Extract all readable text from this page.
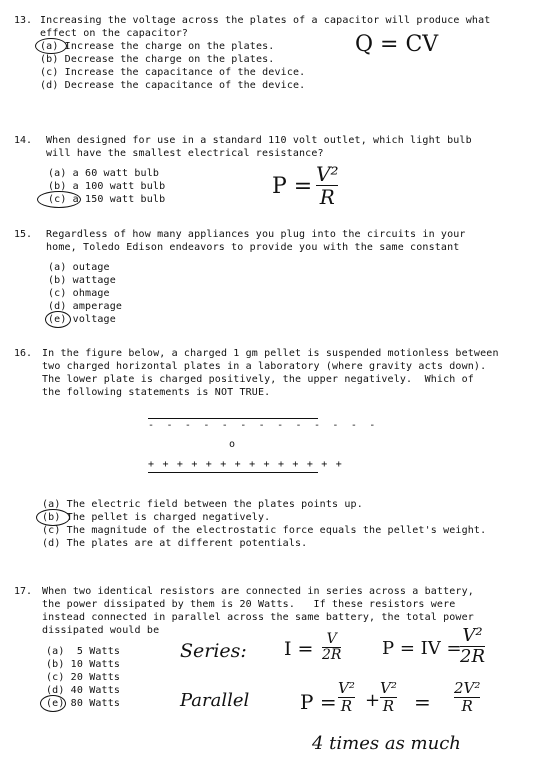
13. Increasing the voltage across the plates of a capacitor will produce what
effect on the capacitor?
(a) Increase the charge on the plates.
(b) Decrease the charge on the plates.
(c) Increase the capacitance of the device.
(d) Decrease the capacitance of the device.
Q = CV
14. When designed for use in a standard 110 volt outlet, which light bulb
will have the smallest electrical resistance?
(a) a 60 watt bulb
(b) a 100 watt bulb
(c) a 150 watt bulb
P = V²
R
15. Regardless of how many appliances you plug into the circuits in your
home, Toledo Edison endeavors to provide you with the same constant
(a) outage
(b) wattage
(c) ohmage
(d) amperage
(e) voltage
16. In the figure below, a charged 1 gm pellet is suspended motionless between
two charged horizontal plates in a laboratory (where gravity acts down).
The lower plate is charged positively, the upper negatively.  Which of
the following statements is NOT TRUE.
- - - - - - - - - - - - -
o
+ + + + + + + + + + + + + +
(a) The electric field between the plates points up.
(b) The pellet is charged negatively.
(c) The magnitude of the electrostatic force equals the pellet's weight.
(d) The plates are at different potentials.
17. When two identical resistors are connected in series across a battery,
the power dissipated by them is 20 Watts.   If these resistors were
instead connected in parallel across the same battery, the total power
dissipated would be
(a)  5 Watts
(b) 10 Watts
(c) 20 Watts
(d) 40 Watts
(e) 80 Watts
Series: I = V
2R P = IV =
V²
2R
Parallel	P =
V²
R +
V²
R =
2V²
R
4 times as much
